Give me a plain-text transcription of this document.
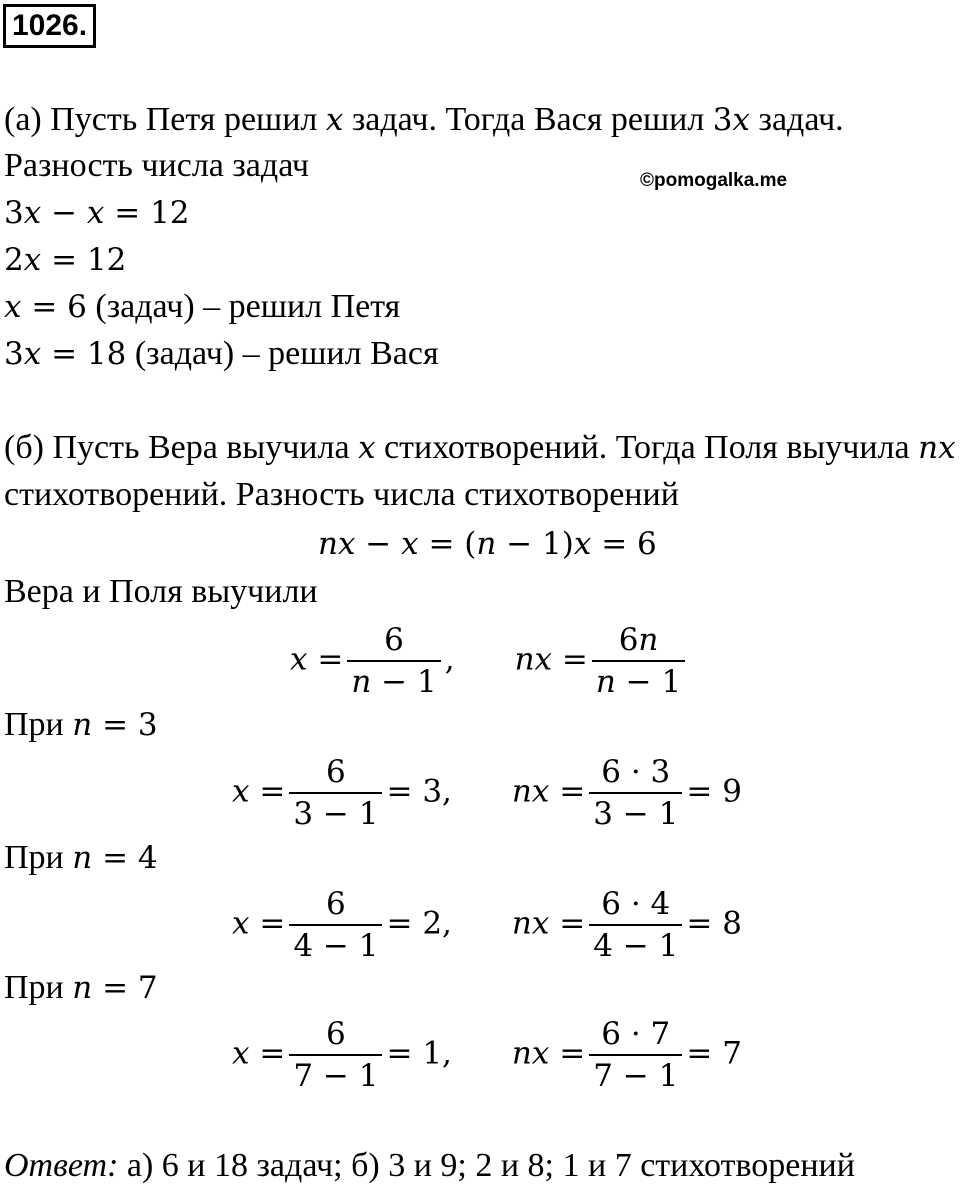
1026.
©pomogalka.me
(а) Пусть Петя решил x задач. Тогда Вася решил 3x задач.
Разность числа задач
3x − x = 12
2x = 12
x = 6 (задач) – решил Петя
3x = 18 (задач) – решил Вася
(б) Пусть Вера выучила x стихотворений. Тогда Поля выучила nx
стихотворений. Разность числа стихотворений
nx − x = (n − 1)x = 6
Вера и Поля выучили
$x = \frac{6}{n - 1}$ , nx = $\frac{6n}{n - 1}$
При n = 3
$x = \frac{6}{3 - 1} = 3$, nx = $\frac{6 \cdot 3}{3 - 1} = 9$
При n = 4
$x = \frac{6}{4 - 1} = 2$, nx = $\frac{6 \cdot 4}{4 - 1} = 8$
При n = 7
$x = \frac{6}{7 - 1} = 1$, nx = $\frac{6 \cdot 7}{7 - 1} = 7$
Ответ: а) 6 и 18 задач; б) 3 и 9; 2 и 8; 1 и 7 стихотворений
